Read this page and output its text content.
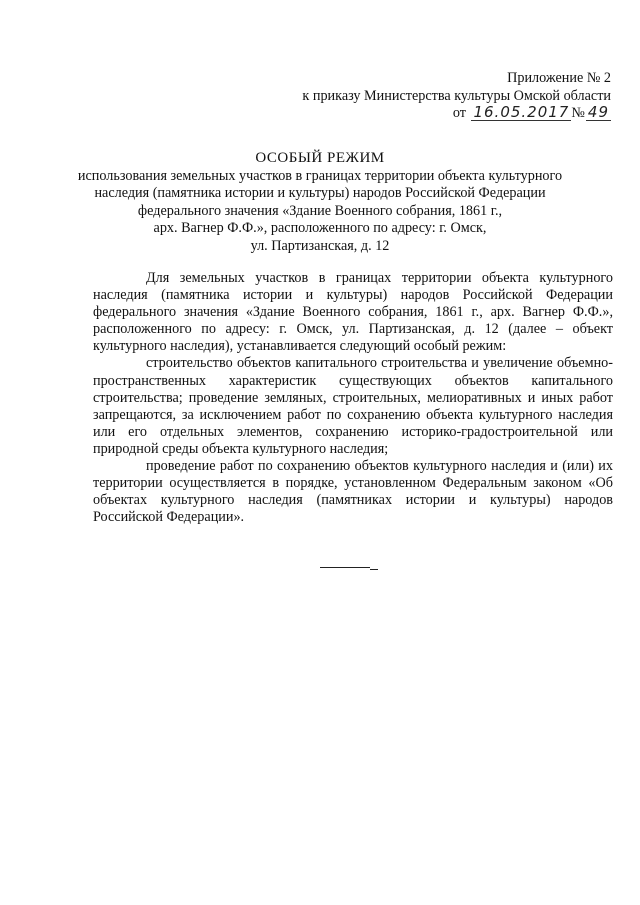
Приложение № 2
к приказу Министерства культуры Омской области
от 16.05.2017 № 49
ОСОБЫЙ РЕЖИМ
использования земельных участков в границах территории объекта культурного
наследия (памятника истории и культуры) народов Российской Федерации
федерального значения «Здание Военного собрания, 1861 г.,
арх. Вагнер Ф.Ф.», расположенного по адресу: г. Омск,
ул. Партизанская, д. 12

Для земельных участков в границах территории объекта культурного наследия (памятника истории и культуры) народов Российской Федерации федерального значения «Здание Военного собрания, 1861 г., арх. Вагнер Ф.Ф.», расположенного по адресу: г. Омск, ул. Партизанская, д. 12 (далее – объект культурного наследия), устанавливается следующий особый режим:

строительство объектов капитального строительства и увеличение объемно-пространственных характеристик существующих объектов капитального строительства; проведение земляных, строительных, мелиоративных и иных работ запрещаются, за исключением работ по сохранению объекта культурного наследия или его отдельных элементов, сохранению историко-градостроительной или природной среды объекта культурного наследия;

проведение работ по сохранению объектов культурного наследия и (или) их территории осуществляется в порядке, установленном Федеральным законом «Об объектах культурного наследия (памятниках истории и культуры) народов Российской Федерации».
